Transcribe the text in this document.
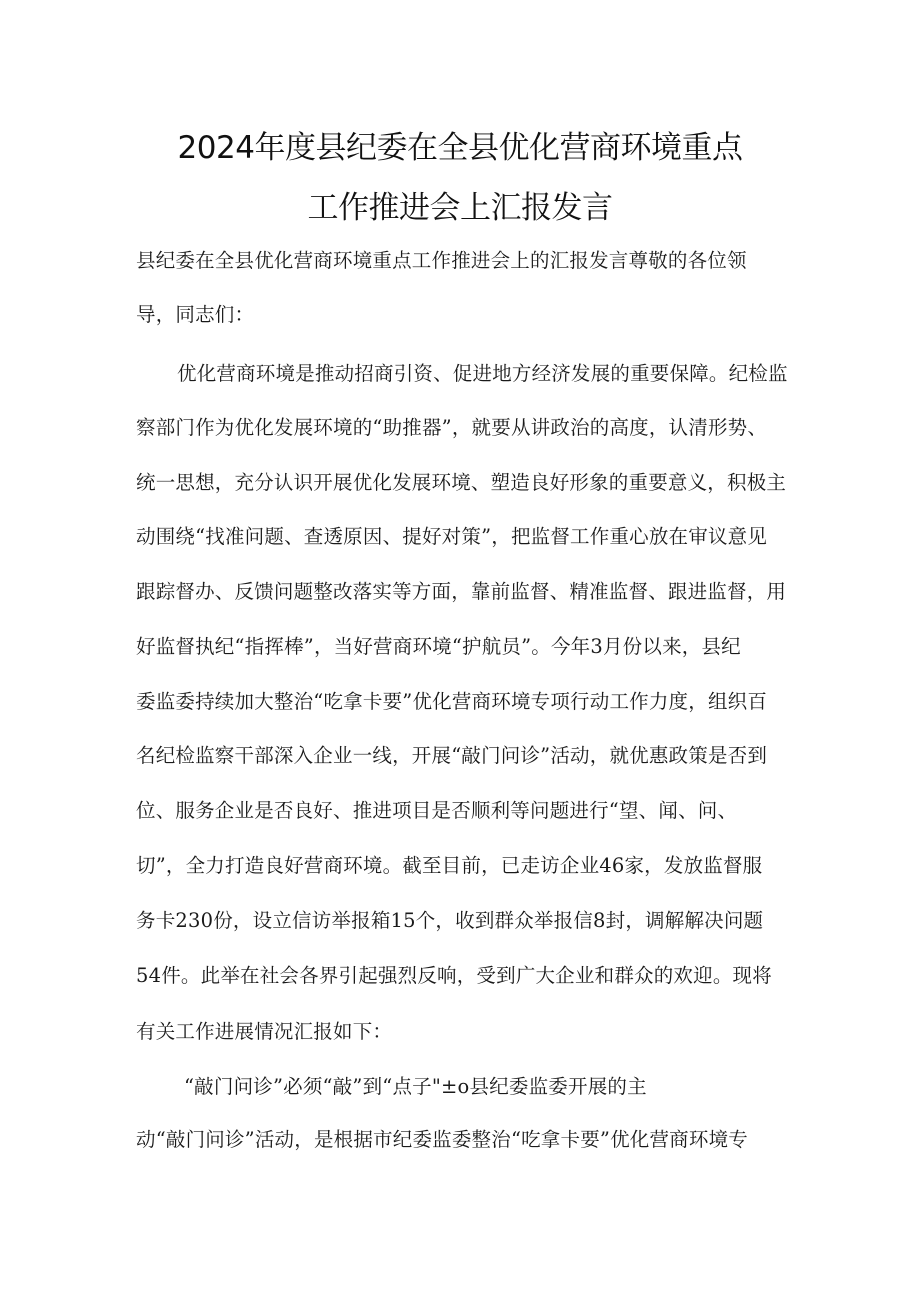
2024年度县纪委在全县优化营商环境重点
工作推进会上汇报发言
县纪委在全县优化营商环境重点工作推进会上的汇报发言尊敬的各位领
导，同志们：
优化营商环境是推动招商引资、促进地方经济发展的重要保障。纪检监
察部门作为优化发展环境的“助推器”，就要从讲政治的高度，认清形势、
统一思想，充分认识开展优化发展环境、塑造良好形象的重要意义，积极主
动围绕“找准问题、查透原因、提好对策”，把监督工作重心放在审议意见
跟踪督办、反馈问题整改落实等方面，靠前监督、精准监督、跟进监督，用
好监督执纪“指挥棒”，当好营商环境“护航员”。今年3月份以来，县纪
委监委持续加大整治“吃拿卡要”优化营商环境专项行动工作力度，组织百
名纪检监察干部深入企业一线，开展“敲门问诊”活动，就优惠政策是否到
位、服务企业是否良好、推进项目是否顺利等问题进行“望、闻、问、
切”，全力打造良好营商环境。截至目前，已走访企业46家，发放监督服
务卡230份，设立信访举报箱15个，收到群众举报信8封，调解解决问题
54件。此举在社会各界引起强烈反响，受到广大企业和群众的欢迎。现将
有关工作进展情况汇报如下：
“敲门问诊”必须“敲”到“点子"±o县纪委监委开展的主
动“敲门问诊”活动，是根据市纪委监委整治“吃拿卡要”优化营商环境专
